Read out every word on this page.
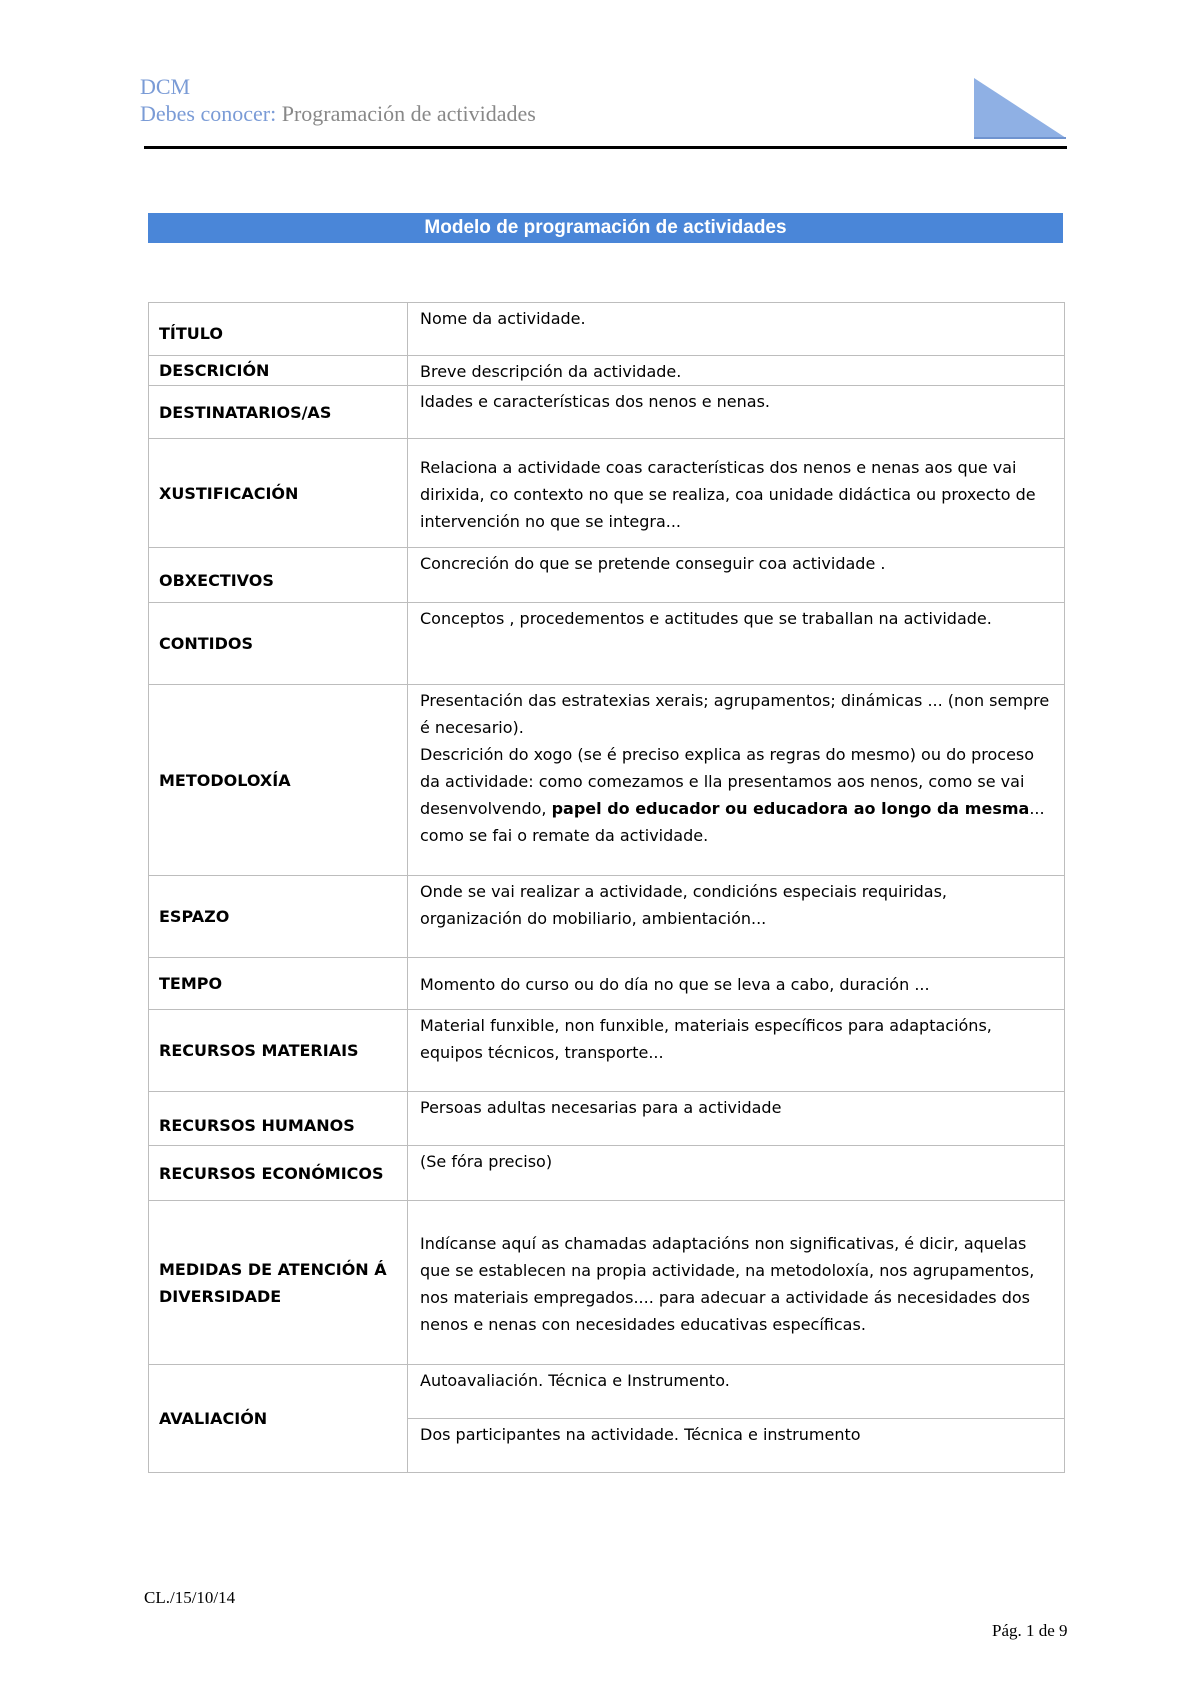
DCM

Debes conocer: Programación de actividades

Modelo de programación de actividades
TÍTULO	Nome da actividade.
DESCRICIÓN	Breve descripción da actividade.
DESTINATARIOS/AS	Idades e características dos nenos e nenas.
XUSTIFICACIÓN	Relaciona a actividade coas características dos nenos e nenas aos que vai dirixida, co contexto no que se realiza, coa unidade didáctica ou proxecto de intervención no que se integra...
OBXECTIVOS	Concreción do que se pretende conseguir coa actividade .
CONTIDOS	Conceptos , procedementos e actitudes que se traballan na actividade.
METODOLOXÍA	Presentación das estratexias xerais; agrupamentos; dinámicas ... (non sempre é necesario).

Descrición do xogo (se é preciso explica as regras do mesmo) ou do proceso da actividade: como comezamos e lla presentamos aos nenos, como se vai desenvolvendo, papel do educador ou educadora ao longo da mesma... como se fai o remate da actividade.

ESPAZO	Onde se vai realizar a actividade, condicións especiais requiridas, organización do mobiliario, ambientación...
TEMPO	Momento do curso ou do día no que se leva a cabo, duración ...
RECURSOS MATERIAIS	Material funxible, non funxible, materiais específicos para adaptacións, equipos técnicos, transporte...
RECURSOS HUMANOS	Persoas adultas necesarias para a actividade
RECURSOS ECONÓMICOS	(Se fóra preciso)
MEDIDAS DE ATENCIÓN Á DIVERSIDADE	Indícanse aquí as chamadas adaptacións non significativas, é dicir, aquelas que se establecen na propia actividade, na metodoloxía, nos agrupamentos, nos materiais empregados.... para adecuar a actividade ás necesidades dos nenos e nenas con necesidades educativas específicas.
AVALIACIÓN	Autoavaliación. Técnica e Instrumento.
	Dos participantes na actividade. Técnica e instrumento
CL./15/10/14
Pág. 1 de 9
